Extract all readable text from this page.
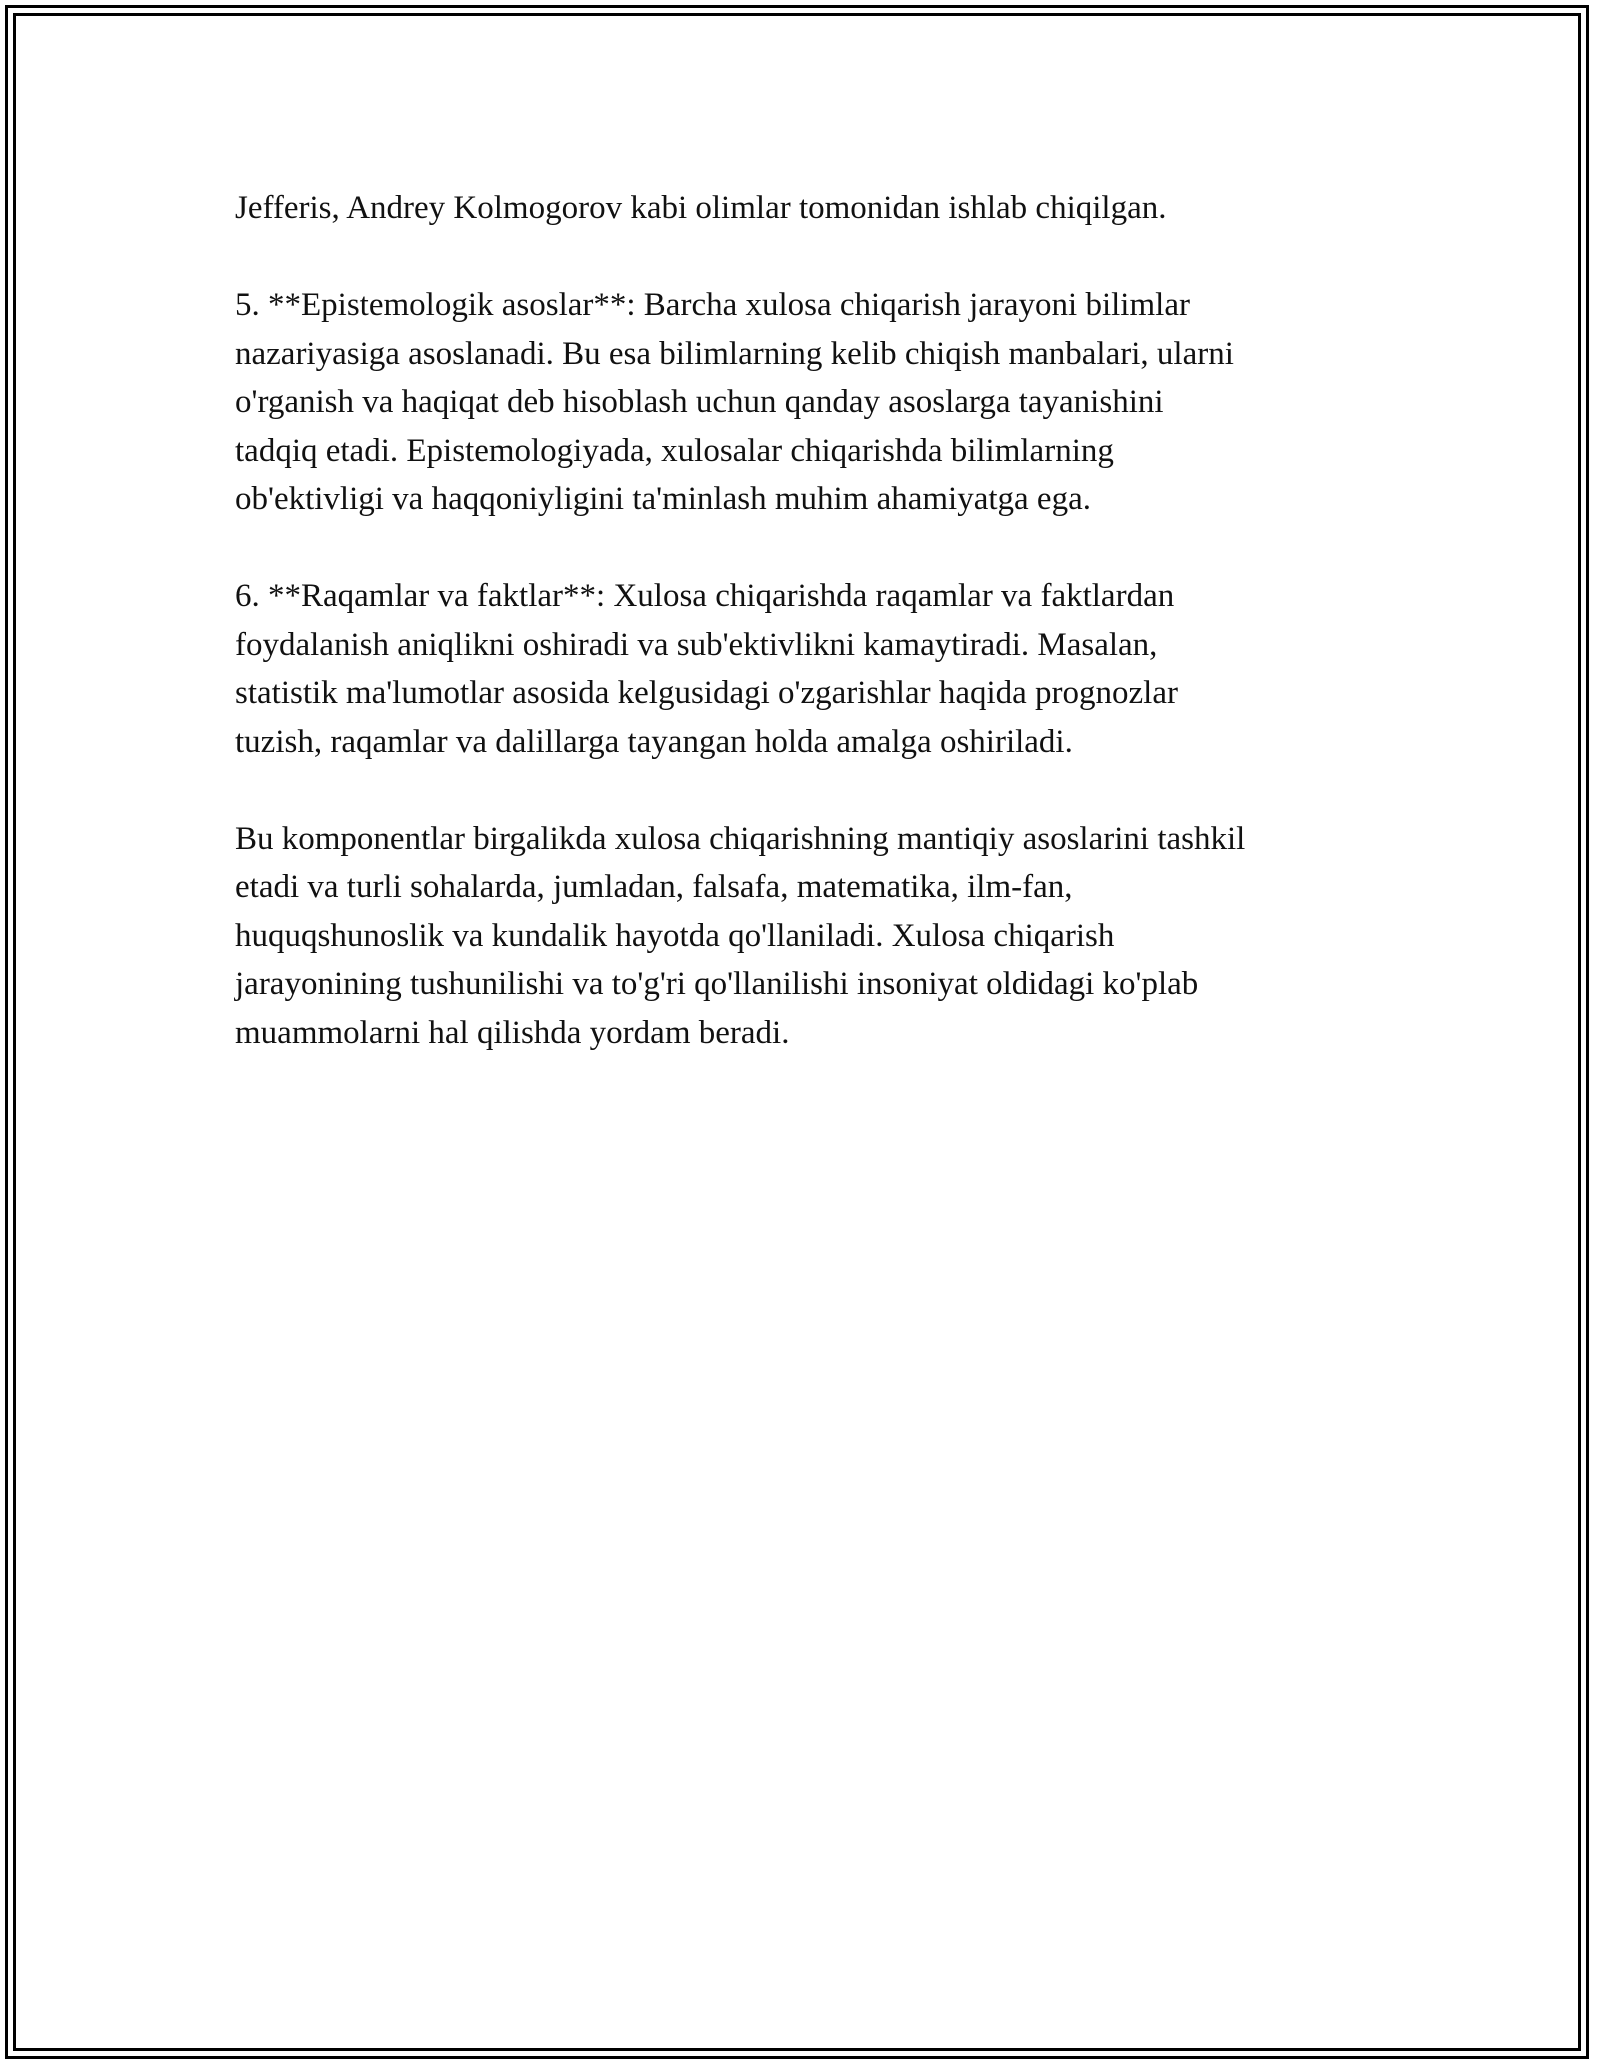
Jefferis, Andrey Kolmogorov kabi olimlar tomonidan ishlab chiqilgan.

5. **Epistemologik asoslar**: Barcha xulosa chiqarish jarayoni bilimlar
nazariyasiga asoslanadi. Bu esa bilimlarning kelib chiqish manbalari, ularni
o'rganish va haqiqat deb hisoblash uchun qanday asoslarga tayanishini
tadqiq etadi. Epistemologiyada, xulosalar chiqarishda bilimlarning
ob'ektivligi va haqqoniyligini ta'minlash muhim ahamiyatga ega.

6. **Raqamlar va faktlar**: Xulosa chiqarishda raqamlar va faktlardan
foydalanish aniqlikni oshiradi va sub'ektivlikni kamaytiradi. Masalan,
statistik ma'lumotlar asosida kelgusidagi o'zgarishlar haqida prognozlar
tuzish, raqamlar va dalillarga tayangan holda amalga oshiriladi.

Bu komponentlar birgalikda xulosa chiqarishning mantiqiy asoslarini tashkil
etadi va turli sohalarda, jumladan, falsafa, matematika, ilm-fan,
huquqshunoslik va kundalik hayotda qo'llaniladi. Xulosa chiqarish
jarayonining tushunilishi va to'g'ri qo'llanilishi insoniyat oldidagi ko'plab
muammolarni hal qilishda yordam beradi.
